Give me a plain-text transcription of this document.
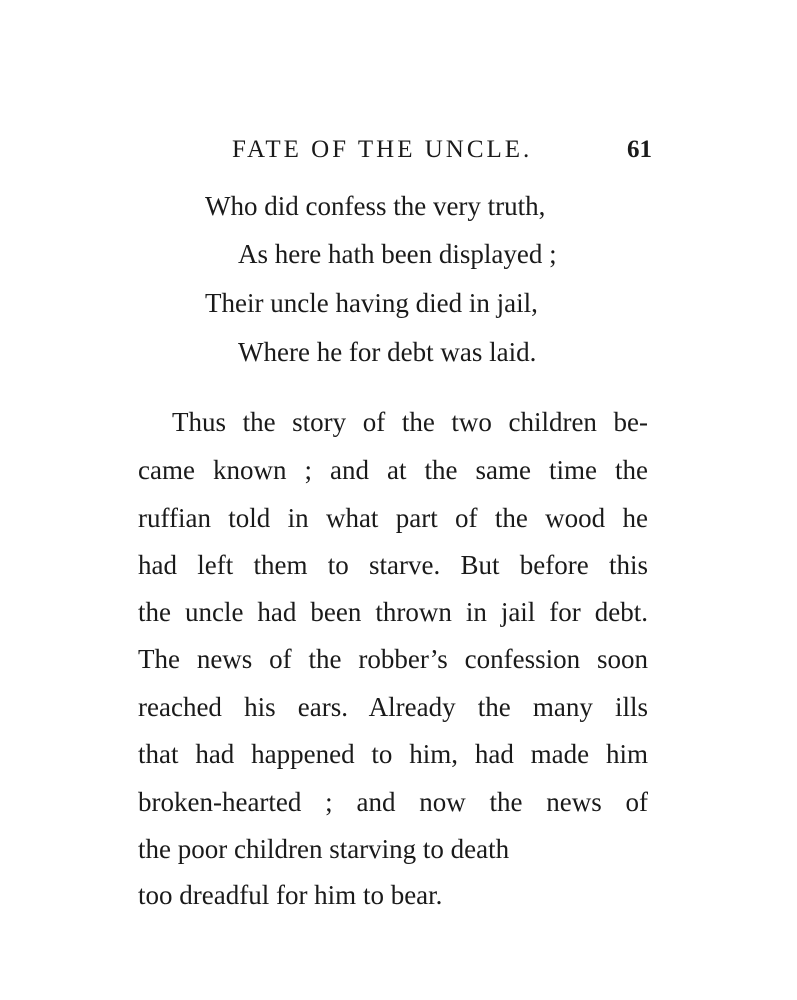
FATE OF THE UNCLE.	61
Who did confess the very truth,
As here hath been displayed ;
Their uncle having died in jail,
Where he for debt was laid.
Thus the story of the two children be-
came known ; and at the same time the
ruffian told in what part of the wood he
had left them to starve. But before this
the uncle had been thrown in jail for debt.
The news of the robber’s confession soon
reached his ears. Already the many ills
that had happened to him, had made him
broken-hearted ; and now the news of
the poor children starving to death
too dreadful for him to bear.
